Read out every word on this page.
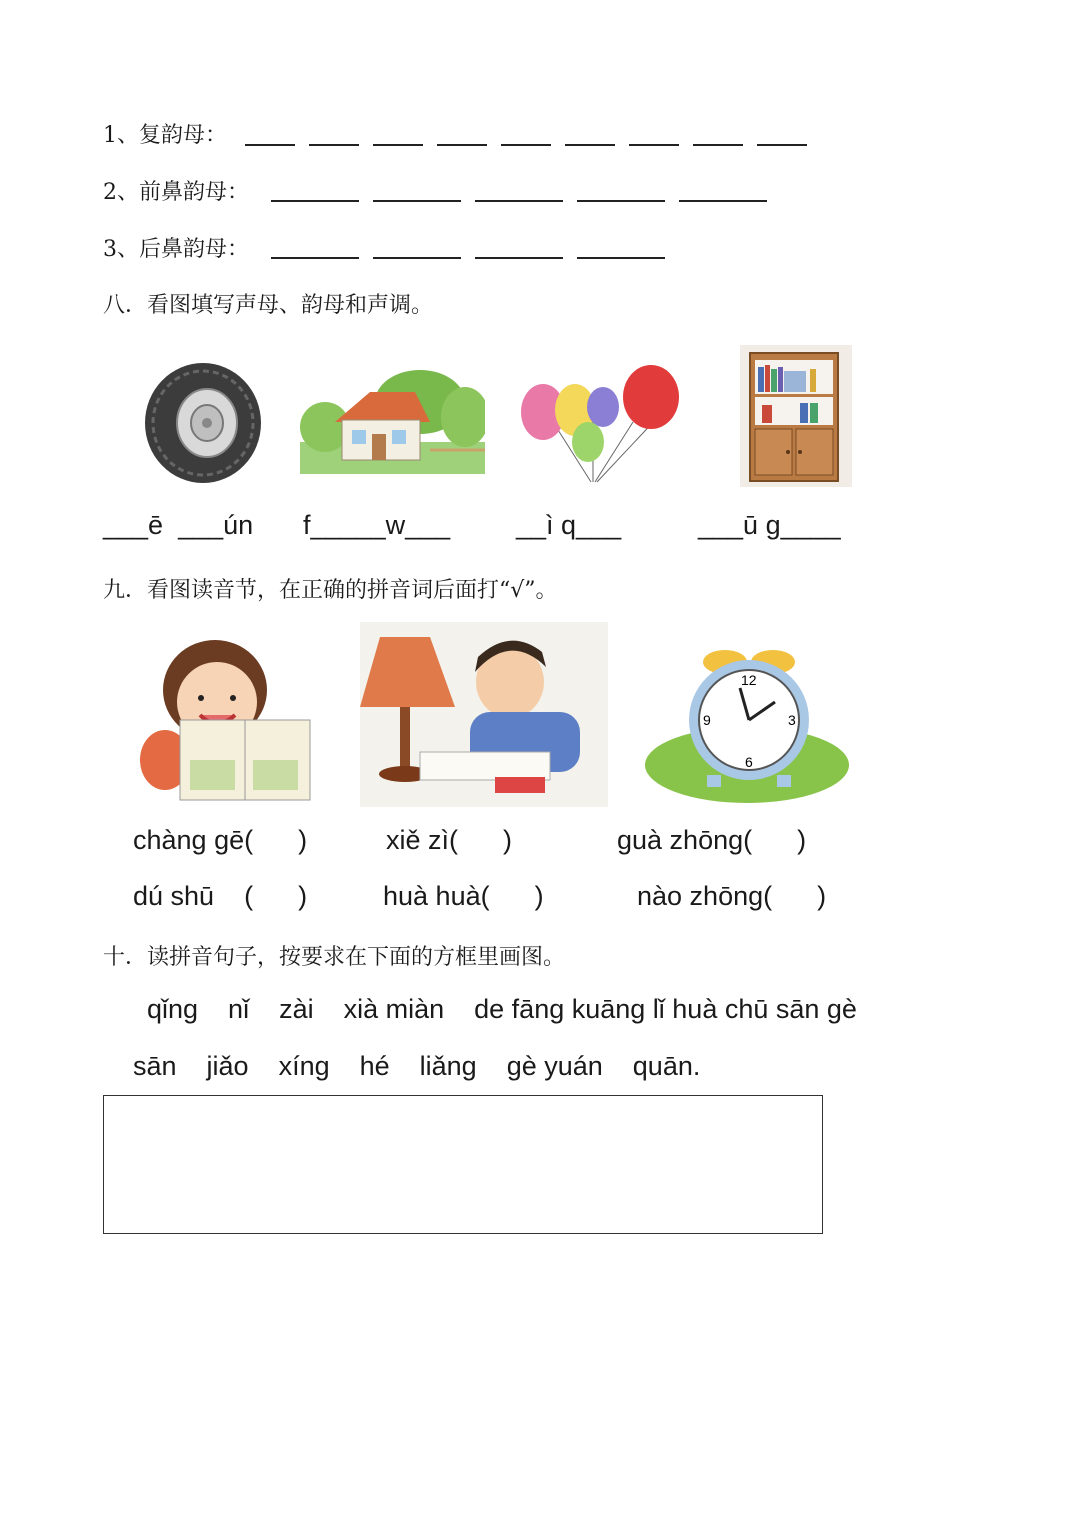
1、复韵母：
2、前鼻韵母：
3、后鼻韵母：
八．看图填写声母、韵母和声调。
___ē  ___ún f_____w___ __ì q___	___ū g____
九．看图读音节，在正确的拼音词后面打“√”。
12
3
6
9
chàng gē(      )	xiě zì(      )	guà zhōng(      )
dú shū    (      )	huà huà(      )	nào zhōng(      )
十．读拼音句子，按要求在下面的方框里画图。
qǐng    nǐ    zài    xià miàn    de fāng kuāng lǐ huà chū sān gè
sān    jiǎo    xíng    hé    liǎng    gè yuán    quān.
